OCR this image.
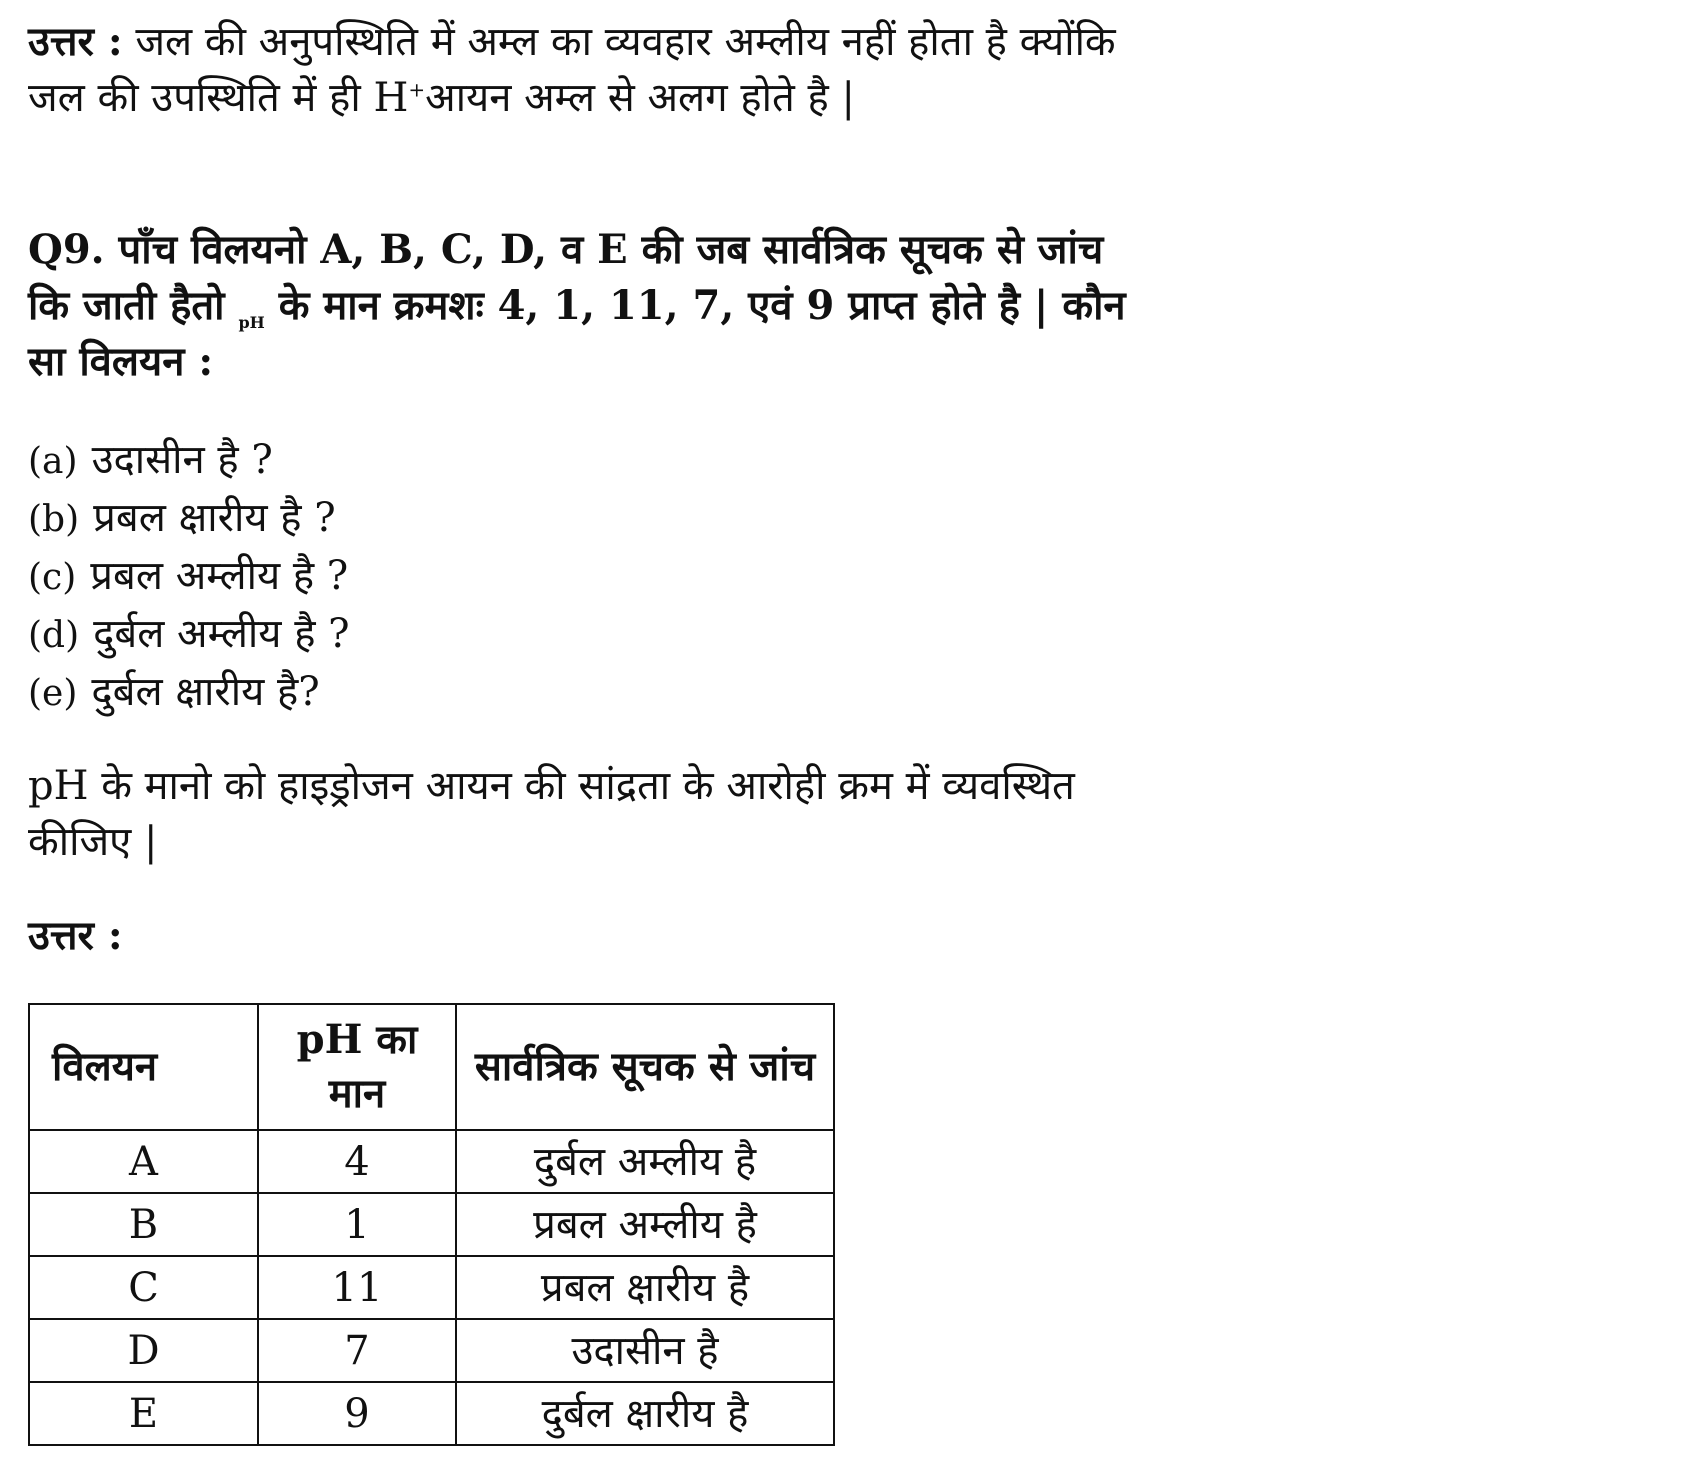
उत्तर : जल की अनुपस्थिति में अम्ल का व्यवहार अम्लीय नहीं होता है क्योंकि जल की उपस्थिति में ही H+आयन अम्ल से अलग होते है |
Q9. पाँच विलयनो A, B, C, D, व E की जब सार्वत्रिक सूचक से जांच कि जाती हैतो $_{pH}$ के मान क्रमशः 4, 1, 11, 7, एवं 9 प्राप्त होते है | कौन सा विलयन :
(a) उदासीन है ?
(b) प्रबल क्षारीय है ?
(c) प्रबल अम्लीय है ?
(d) दुर्बल अम्लीय है ?
(e) दुर्बल क्षारीय है?
pH के मानो को हाइड्रोजन आयन की सांद्रता के आरोही क्रम में व्यवस्थित कीजिए |
उत्तर :
विलयन	pH का मान	सार्वत्रिक सूचक से जांच
A	4	दुर्बल अम्लीय है
B	1	प्रबल अम्लीय है
C	11	प्रबल क्षारीय है
D	7	उदासीन है
E	9	दुर्बल क्षारीय है
